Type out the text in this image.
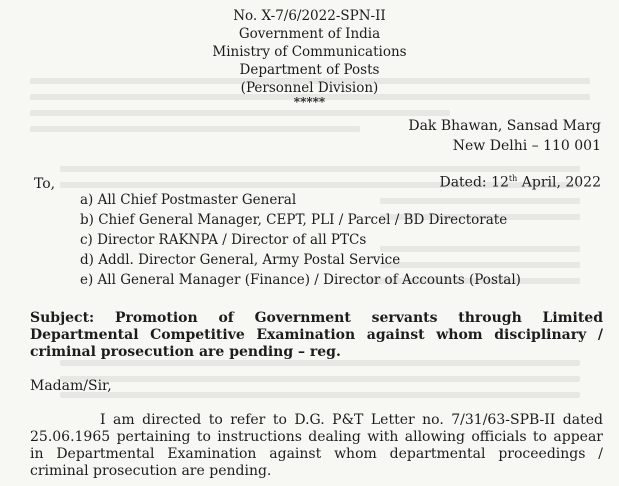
No. X-7/6/2022-SPN-II
Government of India
Ministry of Communications
Department of Posts
(Personnel Division)
*****
Dak Bhawan, Sansad Marg
New Delhi – 110 001
To,	Dated: 12th April, 2022
a) All Chief Postmaster General
b) Chief General Manager, CEPT, PLI / Parcel / BD Directorate
c) Director RAKNPA / Director of all PTCs
d) Addl. Director General, Army Postal Service
e) All General Manager (Finance) / Director of Accounts (Postal)
Subject: Promotion of Government servants through Limited Departmental Competitive Examination against whom disciplinary / criminal prosecution are pending – reg.
Madam/Sir,
I am directed to refer to D.G. P&T Letter no. 7/31/63-SPB-II dated 25.06.1965 pertaining to instructions dealing with allowing officials to appear in Departmental Examination against whom departmental proceedings / criminal prosecution are pending.
